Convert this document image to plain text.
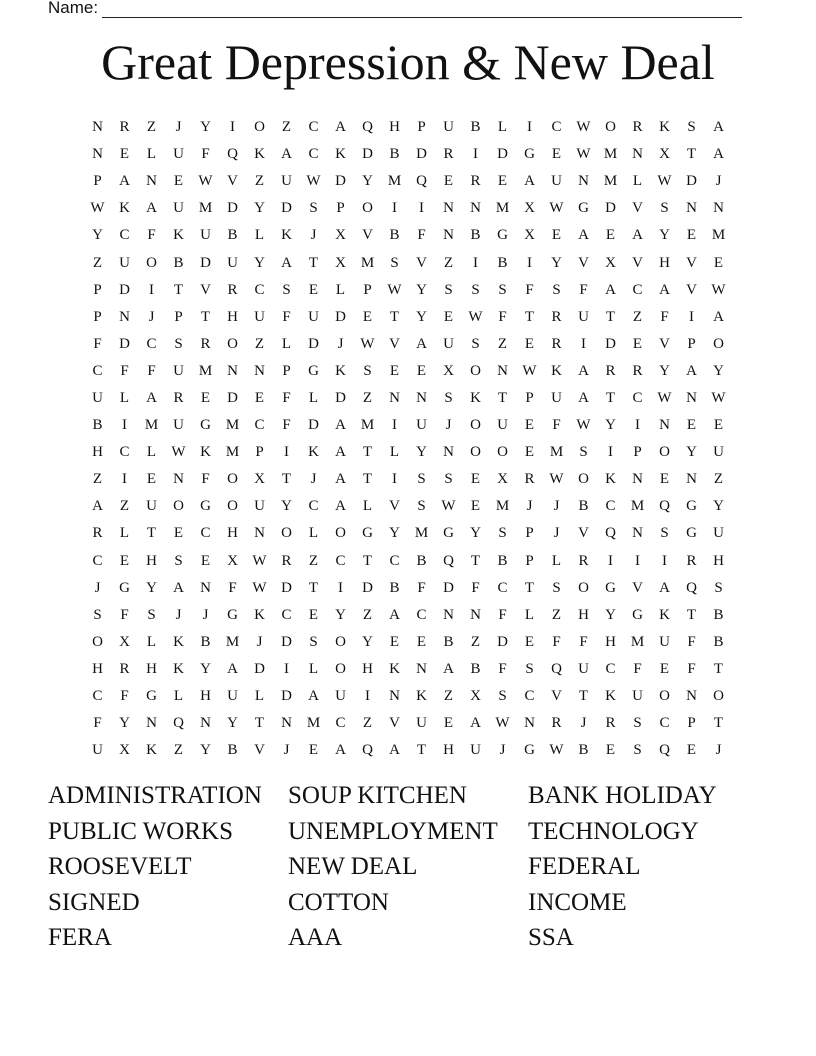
Name:
Great Depression & New Deal
N	R	Z	J	Y	I	O	Z	C	A	Q	H	P	U	B	L	I	C	W	O	R	K	S	A
N	E	L	U	F	Q	K	A	C	K	D	B	D	R	I	D	G	E	W	M	N	X	T	A
P	A	N	E	W	V	Z	U	W	D	Y	M	Q	E	R	E	A	U	N	M	L	W	D	J
W	K	A	U	M	D	Y	D	S	P	O	I	I	N	N	M	X	W	G	D	V	S	N	N
Y	C	F	K	U	B	L	K	J	X	V	B	F	N	B	G	X	E	A	E	A	Y	E	M
Z	U	O	B	D	U	Y	A	T	X	M	S	V	Z	I	B	I	Y	V	X	V	H	V	E
P	D	I	T	V	R	C	S	E	L	P	W	Y	S	S	S	F	S	F	A	C	A	V	W
P	N	J	P	T	H	U	F	U	D	E	T	Y	E	W	F	T	R	U	T	Z	F	I	A
F	D	C	S	R	O	Z	L	D	J	W	V	A	U	S	Z	E	R	I	D	E	V	P	O
C	F	F	U	M	N	N	P	G	K	S	E	E	X	O	N	W	K	A	R	R	Y	A	Y
U	L	A	R	E	D	E	F	L	D	Z	N	N	S	K	T	P	U	A	T	C	W	N	W
B	I	M	U	G	M	C	F	D	A	M	I	U	J	O	U	E	F	W	Y	I	N	E	E
H	C	L	W	K	M	P	I	K	A	T	L	Y	N	O	O	E	M	S	I	P	O	Y	U
Z	I	E	N	F	O	X	T	J	A	T	I	S	S	E	X	R	W	O	K	N	E	N	Z
A	Z	U	O	G	O	U	Y	C	A	L	V	S	W	E	M	J	J	B	C	M	Q	G	Y
R	L	T	E	C	H	N	O	L	O	G	Y	M	G	Y	S	P	J	V	Q	N	S	G	U
C	E	H	S	E	X	W	R	Z	C	T	C	B	Q	T	B	P	L	R	I	I	I	R	H
J	G	Y	A	N	F	W	D	T	I	D	B	F	D	F	C	T	S	O	G	V	A	Q	S
S	F	S	J	J	G	K	C	E	Y	Z	A	C	N	N	F	L	Z	H	Y	G	K	T	B
O	X	L	K	B	M	J	D	S	O	Y	E	E	B	Z	D	E	F	F	H	M	U	F	B
H	R	H	K	Y	A	D	I	L	O	H	K	N	A	B	F	S	Q	U	C	F	E	F	T
C	F	G	L	H	U	L	D	A	U	I	N	K	Z	X	S	C	V	T	K	U	O	N	O
F	Y	N	Q	N	Y	T	N	M	C	Z	V	U	E	A	W	N	R	J	R	S	C	P	T
U	X	K	Z	Y	B	V	J	E	A	Q	A	T	H	U	J	G	W	B	E	S	Q	E	J
ADMINISTRATION	SOUP KITCHEN	BANK HOLIDAY
PUBLIC WORKS	UNEMPLOYMENT	TECHNOLOGY
ROOSEVELT	NEW DEAL	FEDERAL
SIGNED	COTTON	INCOME
FERA	AAA	SSA
